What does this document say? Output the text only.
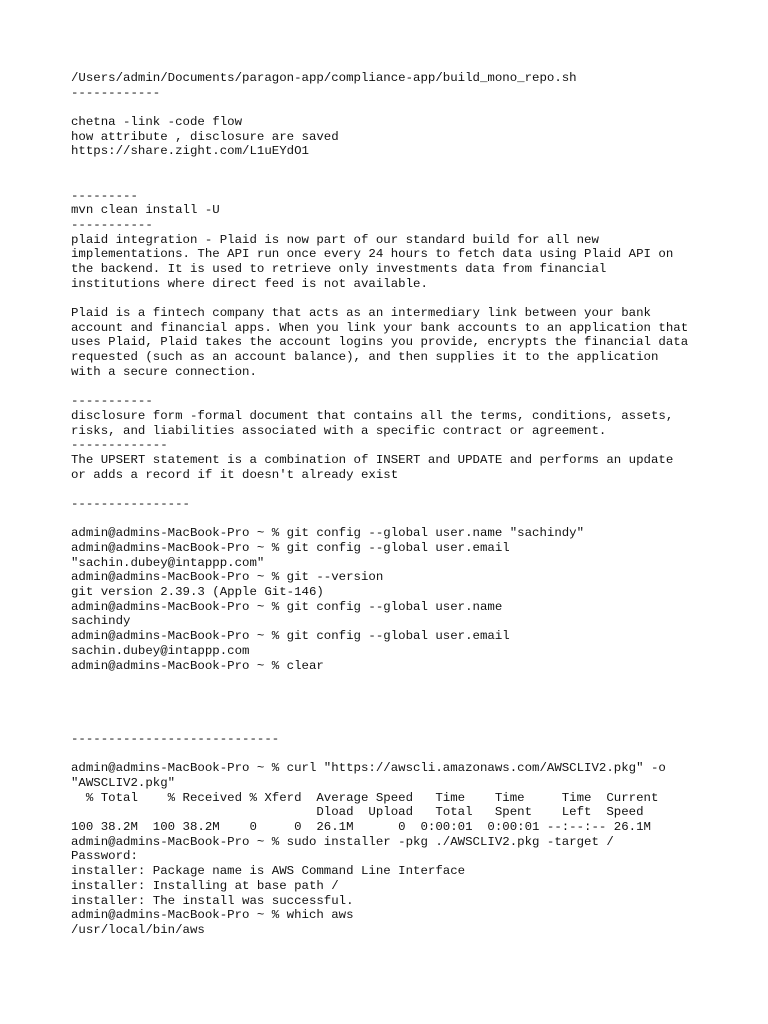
/Users/admin/Documents/paragon-app/compliance-app/build_mono_repo.sh
------------
chetna -link -code flow
how attribute , disclosure are saved
https://share.zight.com/L1uEYdO1
---------
mvn clean install -U
-----------
plaid integration - Plaid is now part of our standard build for all new
implementations. The API run once every 24 hours to fetch data using Plaid API on
the backend. It is used to retrieve only investments data from financial
institutions where direct feed is not available.
Plaid is a fintech company that acts as an intermediary link between your bank
account and financial apps. When you link your bank accounts to an application that
uses Plaid, Plaid takes the account logins you provide, encrypts the financial data
requested (such as an account balance), and then supplies it to the application
with a secure connection.
-----------
disclosure form -formal document that contains all the terms, conditions, assets,
risks, and liabilities associated with a specific contract or agreement.
-------------
The UPSERT statement is a combination of INSERT and UPDATE and performs an update
or adds a record if it doesn't already exist
----------------
admin@admins-MacBook-Pro ~ % git config --global user.name "sachindy"
admin@admins-MacBook-Pro ~ % git config --global user.email
"sachin.dubey@intappp.com"
admin@admins-MacBook-Pro ~ % git --version
git version 2.39.3 (Apple Git-146)
admin@admins-MacBook-Pro ~ % git config --global user.name
sachindy
admin@admins-MacBook-Pro ~ % git config --global user.email
sachin.dubey@intappp.com
admin@admins-MacBook-Pro ~ % clear
----------------------------
admin@admins-MacBook-Pro ~ % curl "https://awscli.amazonaws.com/AWSCLIV2.pkg" -o
"AWSCLIV2.pkg"
% Total    % Received % Xferd  Average Speed   Time    Time     Time  Current
Dload  Upload   Total   Spent    Left  Speed
100 38.2M  100 38.2M    0     0  26.1M      0  0:00:01  0:00:01 --:--:-- 26.1M
admin@admins-MacBook-Pro ~ % sudo installer -pkg ./AWSCLIV2.pkg -target /
Password:
installer: Package name is AWS Command Line Interface
installer: Installing at base path /
installer: The install was successful.
admin@admins-MacBook-Pro ~ % which aws
/usr/local/bin/aws
